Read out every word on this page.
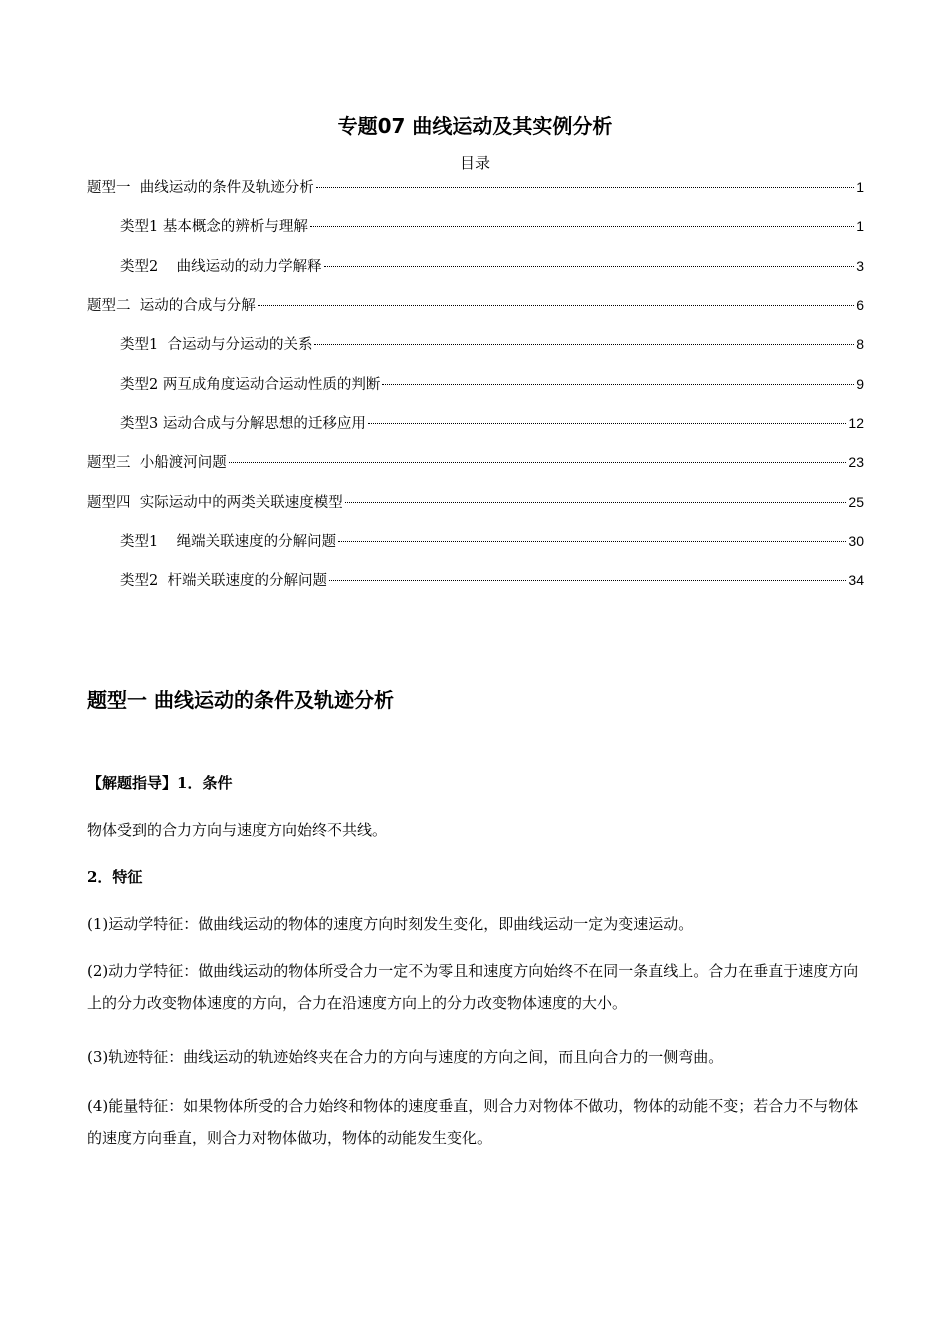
专题07 曲线运动及其实例分析
目录
题型一  曲线运动的条件及轨迹分析	1
类型1 基本概念的辨析与理解	1
类型2    曲线运动的动力学解释	3
题型二  运动的合成与分解	6
类型1  合运动与分运动的关系	8
类型2 两互成角度运动合运动性质的判断	9
类型3 运动合成与分解思想的迁移应用	12
题型三  小船渡河问题	23
题型四  实际运动中的两类关联速度模型	25
类型1    绳端关联速度的分解问题	30
类型2  杆端关联速度的分解问题	34
题型一 曲线运动的条件及轨迹分析
【解题指导】1．条件
物体受到的合力方向与速度方向始终不共线。
2．特征
(1)运动学特征：做曲线运动的物体的速度方向时刻发生变化，即曲线运动一定为变速运动。
(2)动力学特征：做曲线运动的物体所受合力一定不为零且和速度方向始终不在同一条直线上。合力在垂直于速度方向上的分力改变物体速度的方向，合力在沿速度方向上的分力改变物体速度的大小。
(3)轨迹特征：曲线运动的轨迹始终夹在合力的方向与速度的方向之间，而且向合力的一侧弯曲。
(4)能量特征：如果物体所受的合力始终和物体的速度垂直，则合力对物体不做功，物体的动能不变；若合力不与物体的速度方向垂直，则合力对物体做功，物体的动能发生变化。
